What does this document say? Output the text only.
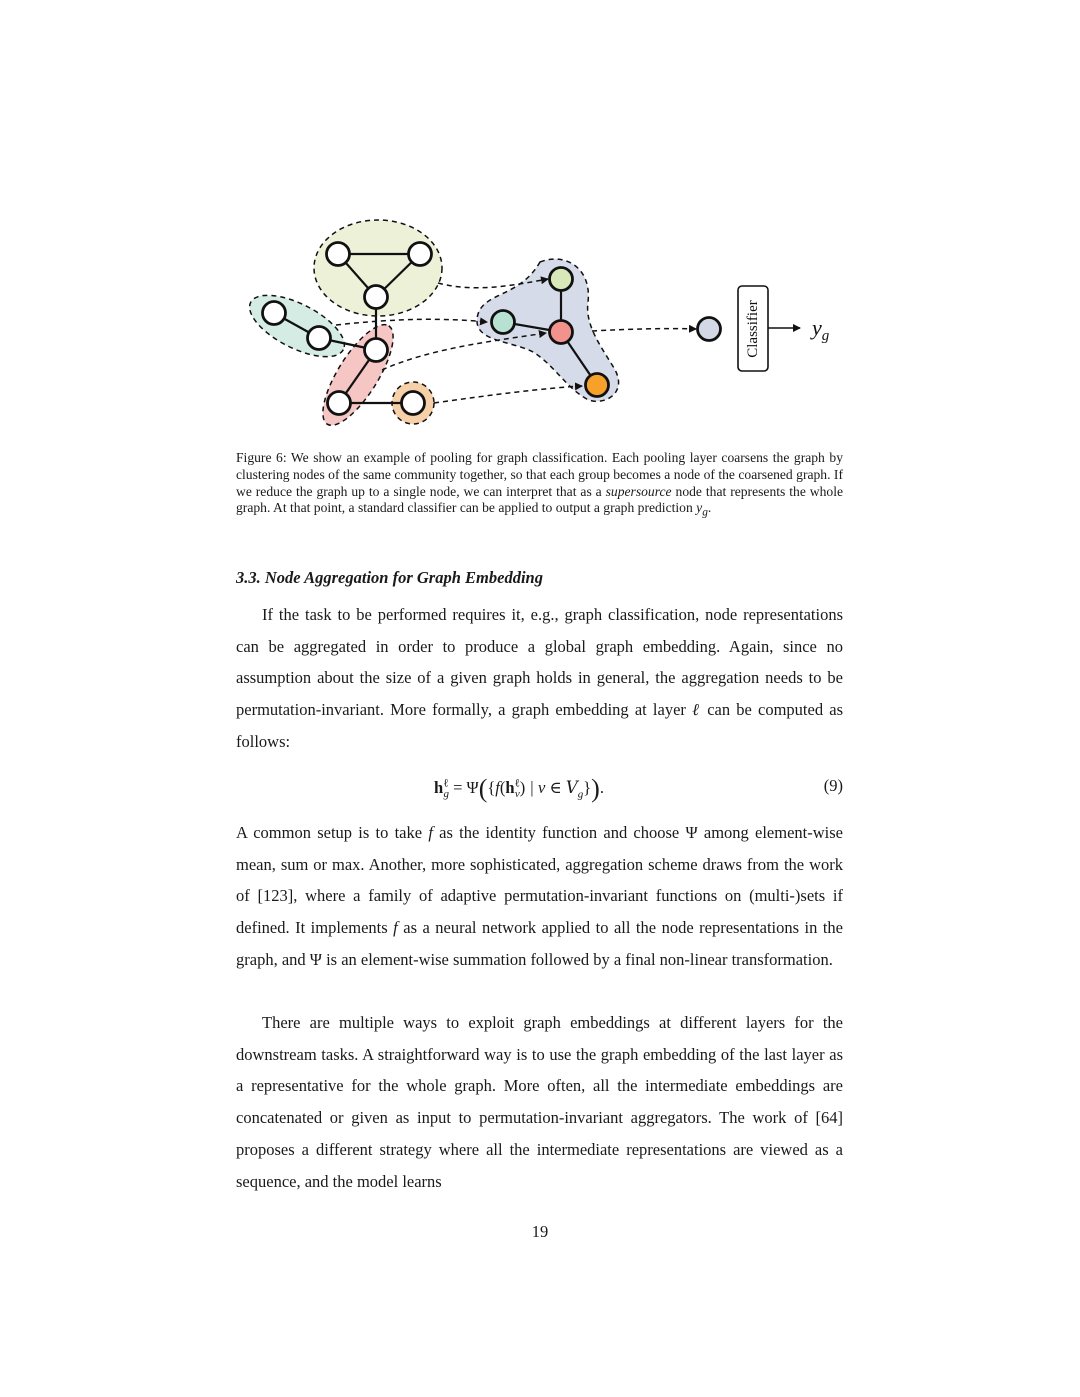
Classifier $y_g$

Figure 6: We show an example of pooling for graph classification. Each pooling layer coarsens the graph by clustering nodes of the same community together, so that each group becomes a node of the coarsened graph. If we reduce the graph up to a single node, we can interpret that as a supersource node that represents the whole graph. At that point, a standard classifier can be applied to output a graph prediction $y_g$.

3.3. Node Aggregation for Graph Embedding

If the task to be performed requires it, e.g., graph classification, node representations can be aggregated in order to produce a global graph embedding. Again, since no assumption about the size of a given graph holds in general, the aggregation needs to be permutation-invariant. More formally, a graph embedding at layer ℓ can be computed as follows:

$h^\ell_g = \Psi(\{f(h^\ell_v)$ | v ∈ $V_g$}).	(9)

A common setup is to take f as the identity function and choose Ψ among element-wise mean, sum or max. Another, more sophisticated, aggregation scheme draws from the work of [123], where a family of adaptive permutation-invariant functions on (multi-)sets if defined. It implements f as a neural network applied to all the node representations in the graph, and Ψ is an element-wise summation followed by a final non-linear transformation.

There are multiple ways to exploit graph embeddings at different layers for the downstream tasks. A straightforward way is to use the graph embedding of the last layer as a representative for the whole graph. More often, all the intermediate embeddings are concatenated or given as input to permutation-invariant aggregators. The work of [64] proposes a different strategy where all the intermediate representations are viewed as a sequence, and the model learns

19
